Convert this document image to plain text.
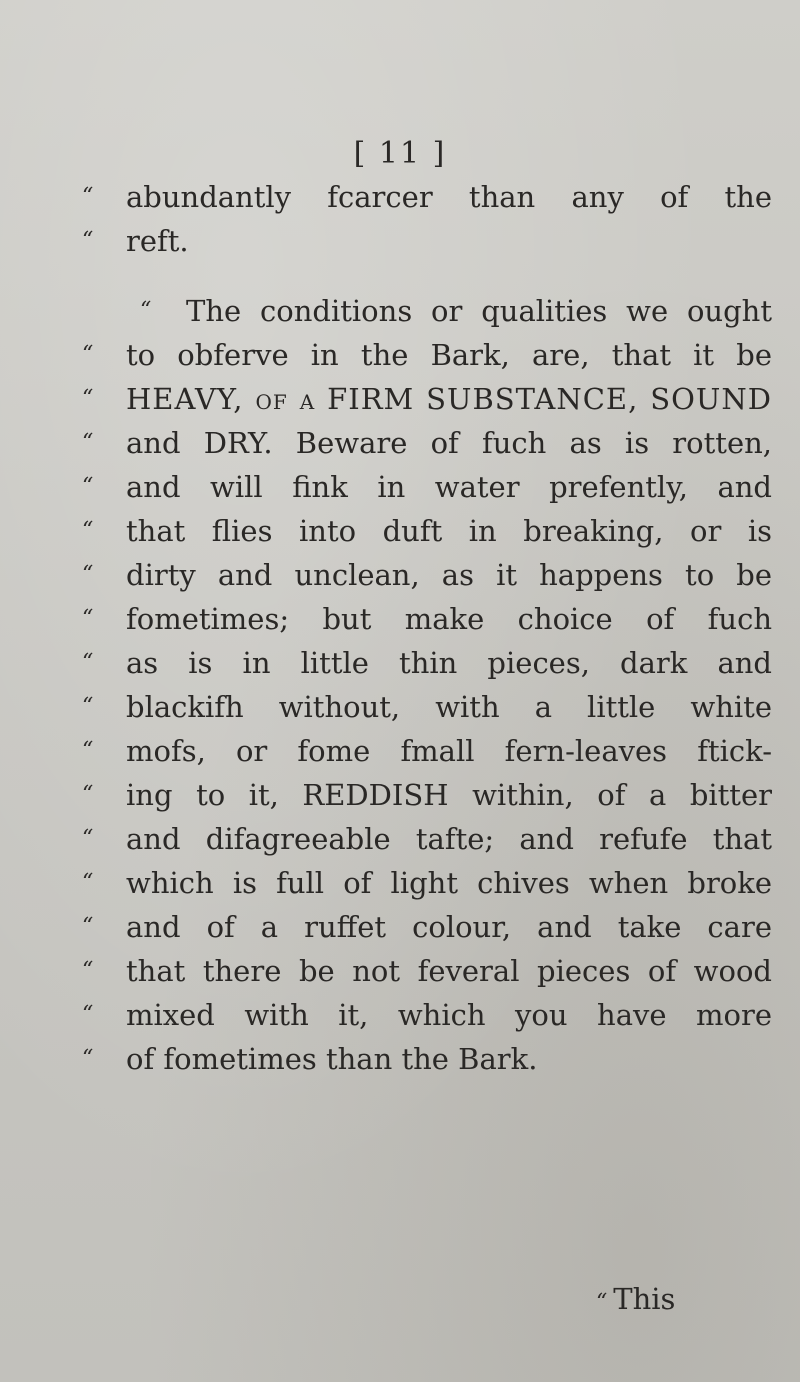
[ 11 ]
“	abundantly fcarcer than any of the
“	reft.
“	The conditions or qualities we ought
“	to obferve in the Bark, are, that it be
“	HEAVY, of a FIRM SUBSTANCE, SOUND
“	and DRY. Beware of fuch as is rotten,
“	and will fink in water prefently, and
“	that flies into duft in breaking, or is
“	dirty and unclean, as it happens to be
“	fometimes; but make choice of fuch
“	as is in little thin pieces, dark and
“	blackifh without, with a little white
“	mofs, or fome fmall fern-leaves ftick-
“	ing to it, REDDISH within, of a bitter
“	and difagreeable tafte; and refufe that
“	which is full of light chives when broke
“	and of a ruffet colour, and take care
“	that there be not feveral pieces of wood
“	mixed with it, which you have more
“	of fometimes than the Bark.
“ This
